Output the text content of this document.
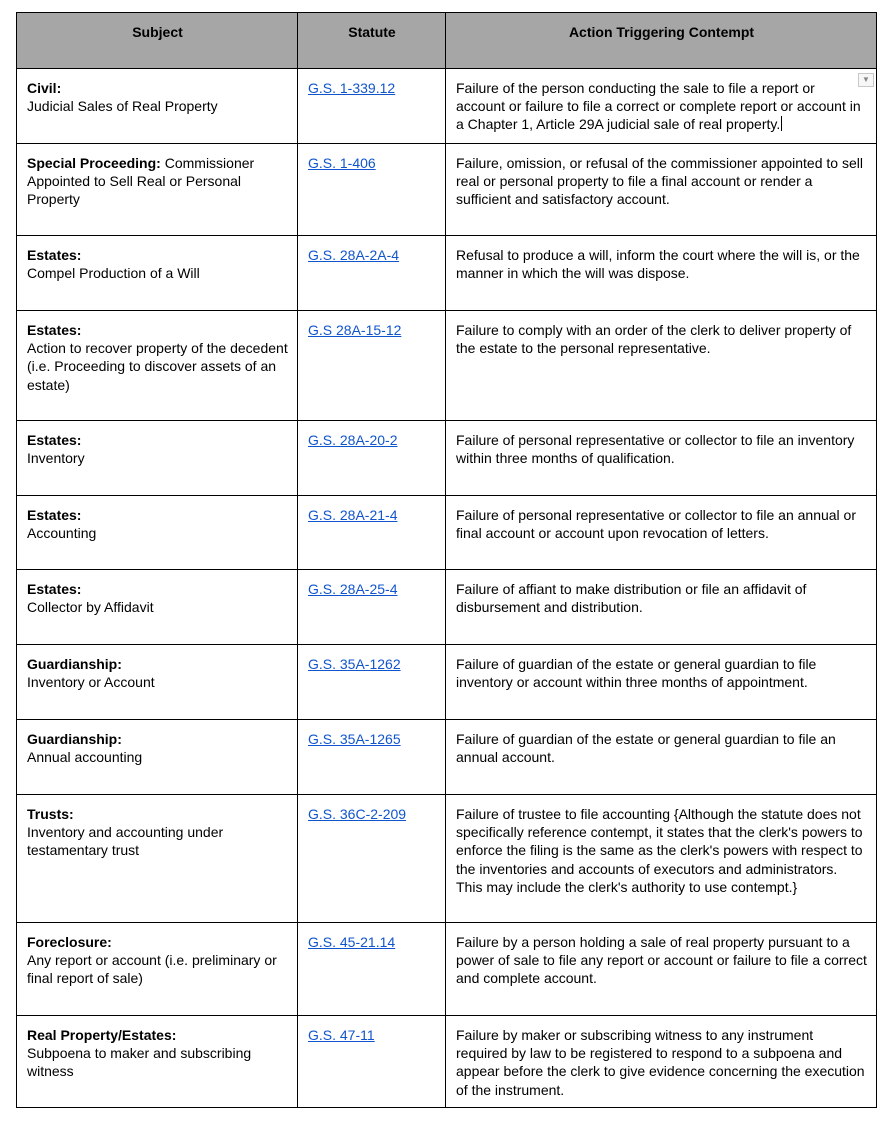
Subject	Statute	Action Triggering Contempt
Civil:
Judicial Sales of Real Property	G.S. 1-339.12	Failure of the person conducting the sale to file a report or account or failure to file a correct or complete report or account in a Chapter 1, Article 29A judicial sale of real property.
▼

Special Proceeding: Commissioner Appointed to Sell Real or Personal Property	G.S. 1-406	Failure, omission, or refusal of the commissioner appointed to sell real or personal property to file a final account or render a sufficient and satisfactory account.
Estates:
Compel Production of a Will	G.S. 28A-2A-4	Refusal to produce a will, inform the court where the will is, or the manner in which the will was dispose.
Estates:
Action to recover property of the decedent (i.e. Proceeding to discover assets of an estate)	G.S 28A-15-12	Failure to comply with an order of the clerk to deliver property of the estate to the personal representative.
Estates:
Inventory	G.S. 28A-20-2	Failure of personal representative or collector to file an inventory within three months of qualification.
Estates:
Accounting	G.S. 28A-21-4	Failure of personal representative or collector to file an annual or final account or account upon revocation of letters.
Estates:
Collector by Affidavit	G.S. 28A-25-4	Failure of affiant to make distribution or file an affidavit of disbursement and distribution.
Guardianship:
Inventory or Account	G.S. 35A-1262	Failure of guardian of the estate or general guardian to file inventory or account within three months of appointment.
Guardianship:
Annual accounting	G.S. 35A-1265	Failure of guardian of the estate or general guardian to file an annual account.
Trusts:
Inventory and accounting under testamentary trust	G.S. 36C-2-209	Failure of trustee to file accounting {Although the statute does not specifically reference contempt, it states that the clerk's powers to enforce the filing is the same as the clerk's powers with respect to the inventories and accounts of executors and administrators. This may include the clerk's authority to use contempt.}
Foreclosure:
Any report or account (i.e. preliminary or final report of sale)	G.S. 45-21.14	Failure by a person holding a sale of real property pursuant to a power of sale to file any report or account or failure to file a correct and complete account.
Real Property/Estates:
Subpoena to maker and subscribing witness	G.S. 47-11	Failure by maker or subscribing witness to any instrument required by law to be registered to respond to a subpoena and appear before the clerk to give evidence concerning the execution of the instrument.
